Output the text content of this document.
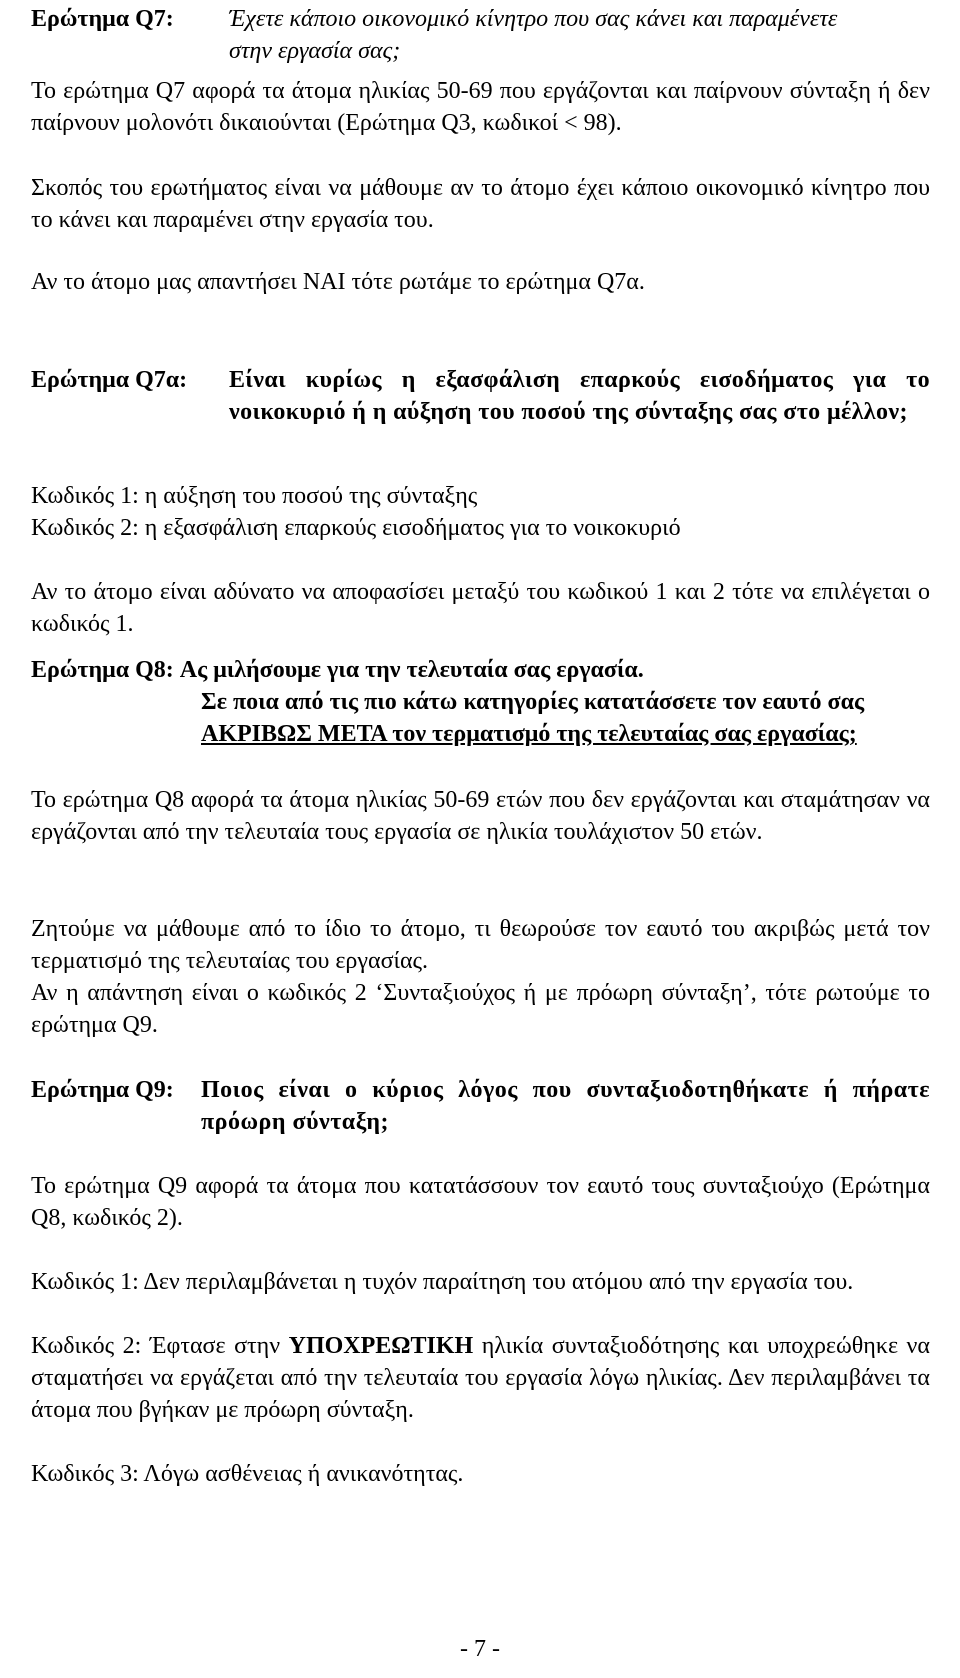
Ερώτημα Q7: Έχετε κάποιο οικονομικό κίνητρο που σας κάνει και παραμένετε
στην εργασία σας;

Το ερώτημα Q7 αφορά τα άτομα ηλικίας 50-69 που εργάζονται και παίρνουν σύνταξη ή δεν παίρνουν μολονότι δικαιούνται (Ερώτημα Q3, κωδικοί < 98).

Σκοπός του ερωτήματος είναι να μάθουμε αν το άτομο έχει κάποιο οικονομικό κίνητρο που το κάνει και παραμένει στην εργασία του.

Αν το άτομο μας απαντήσει ΝΑΙ τότε ρωτάμε το ερώτημα Q7α.

Ερώτημα Q7α: Είναι κυρίως η εξασφάλιση επαρκούς εισοδήματος για το νοικοκυριό ή η αύξηση του ποσού της σύνταξης σας στο μέλλον;
Κωδικός 1: η αύξηση του ποσού της σύνταξης
Κωδικός 2: η εξασφάλιση επαρκούς εισοδήματος για το νοικοκυριό

Αν το άτομο είναι αδύνατο να αποφασίσει μεταξύ του κωδικού 1 και 2 τότε να επιλέγεται ο κωδικός 1.

Ερώτημα Q8: Ας μιλήσουμε για την τελευταία σας εργασία.
Σε ποια από τις πιο κάτω κατηγορίες κατατάσσετε τον εαυτό σας
ΑΚΡΙΒΩΣ ΜΕΤΑ τον τερματισμό της τελευταίας σας εργασίας;

Το ερώτημα Q8 αφορά τα άτομα ηλικίας 50-69 ετών που δεν εργάζονται και σταμάτησαν να εργάζονται από την τελευταία τους εργασία σε ηλικία τουλάχιστον 50 ετών.

Ζητούμε να μάθουμε από το ίδιο το άτομο, τι θεωρούσε τον εαυτό του ακριβώς μετά τον τερματισμό της τελευταίας του εργασίας.

Αν η απάντηση είναι ο κωδικός 2 ‘Συνταξιούχος ή με πρόωρη σύνταξη’, τότε ρωτούμε το ερώτημα Q9.

Ερώτημα Q9: Ποιος είναι ο κύριος λόγος που συνταξιοδοτηθήκατε ή πήρατε πρόωρη σύνταξη;

Το ερώτημα Q9 αφορά τα άτομα που κατατάσσουν τον εαυτό τους συνταξιούχο (Ερώτημα Q8, κωδικός 2).

Κωδικός 1: Δεν περιλαμβάνεται η τυχόν παραίτηση του ατόμου από την εργασία του.

Κωδικός 2: Έφτασε στην ΥΠΟΧΡΕΩΤΙΚΗ ηλικία συνταξιοδότησης και υποχρεώθηκε να σταματήσει να εργάζεται από την τελευταία του εργασία λόγω ηλικίας. Δεν περιλαμβάνει τα άτομα που βγήκαν με πρόωρη σύνταξη.

Κωδικός 3: Λόγω ασθένειας ή ανικανότητας.

- 7 -
